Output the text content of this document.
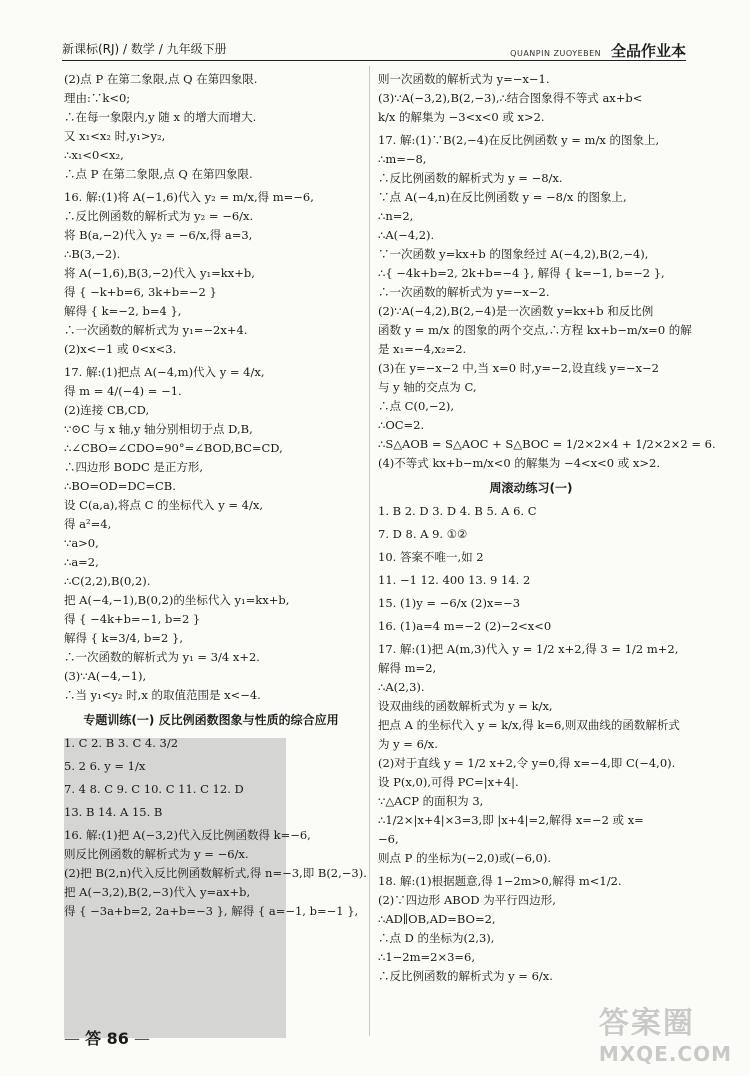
新课标(RJ) / 数学 / 九年级下册	QUANPIN ZUOYEBEN 全品作业本
(2)点 P 在第二象限,点 Q 在第四象限.
理由:∵k<0;
∴在每一象限内,y 随 x 的增大而增大.
又 x₁<x₂ 时,y₁>y₂,
∴x₁<0<x₂,
∴点 P 在第二象限,点 Q 在第四象限.
16. 解:(1)将 A(−1,6)代入 y₂ = m/x,得 m=−6,
∴反比例函数的解析式为 y₂ = −6/x.
将 B(a,−2)代入 y₂ = −6/x,得 a=3,
∴B(3,−2).
将 A(−1,6),B(3,−2)代入 y₁=kx+b,
得 { −k+b=6, 3k+b=−2 }
解得 { k=−2, b=4 },
∴一次函数的解析式为 y₁=−2x+4.
(2)x<−1 或 0<x<3.
17. 解:(1)把点 A(−4,m)代入 y = 4/x,
得 m = 4/(−4) = −1.
(2)连接 CB,CD,
∵⊙C 与 x 轴,y 轴分别相切于点 D,B,
∴∠CBO=∠CDO=90°=∠BOD,BC=CD,
∴四边形 BODC 是正方形,
∴BO=OD=DC=CB.
设 C(a,a),将点 C 的坐标代入 y = 4/x,
得 a²=4,
∵a>0,
∴a=2,
∴C(2,2),B(0,2).
把 A(−4,−1),B(0,2)的坐标代入 y₁=kx+b,
得 { −4k+b=−1, b=2 }
解得 { k=3/4, b=2 },
∴一次函数的解析式为 y₁ = 3/4 x+2.
(3)∵A(−4,−1),
∴当 y₁<y₂ 时,x 的取值范围是 x<−4.
专题训练(一) 反比例函数图象与性质的综合应用
1. C 2. B 3. C 4. 3/2
5. 2 6. y = 1/x
7. 4 8. C 9. C 10. C 11. C 12. D
13. B 14. A 15. B
16. 解:(1)把 A(−3,2)代入反比例函数得 k=−6,
则反比例函数的解析式为 y = −6/x.
(2)把 B(2,n)代入反比例函数解析式,得 n=−3,即 B(2,−3).
把 A(−3,2),B(2,−3)代入 y=ax+b,
得 { −3a+b=2, 2a+b=−3 }, 解得 { a=−1, b=−1 },
则一次函数的解析式为 y=−x−1.
(3)∵A(−3,2),B(2,−3),∴结合图象得不等式 ax+b<
k/x 的解集为 −3<x<0 或 x>2.
17. 解:(1)∵B(2,−4)在反比例函数 y = m/x 的图象上,
∴m=−8,
∴反比例函数的解析式为 y = −8/x.
∵点 A(−4,n)在反比例函数 y = −8/x 的图象上,
∴n=2,
∴A(−4,2).
∵一次函数 y=kx+b 的图象经过 A(−4,2),B(2,−4),
∴{ −4k+b=2, 2k+b=−4 }, 解得 { k=−1, b=−2 },
∴一次函数的解析式为 y=−x−2.
(2)∵A(−4,2),B(2,−4)是一次函数 y=kx+b 和反比例
函数 y = m/x 的图象的两个交点,∴方程 kx+b−m/x=0 的解
是 x₁=−4,x₂=2.
(3)在 y=−x−2 中,当 x=0 时,y=−2,设直线 y=−x−2
与 y 轴的交点为 C,
∴点 C(0,−2),
∴OC=2.
∴S△AOB = S△AOC + S△BOC = 1/2×2×4 + 1/2×2×2 = 6.
(4)不等式 kx+b−m/x<0 的解集为 −4<x<0 或 x>2.
周滚动练习(一)
1. B 2. D 3. D 4. B 5. A 6. C
7. D 8. A 9. ①②
10. 答案不唯一,如 2
11. −1 12. 400 13. 9 14. 2
15. (1)y = −6/x (2)x=−3
16. (1)a=4 m=−2 (2)−2<x<0
17. 解:(1)把 A(m,3)代入 y = 1/2 x+2,得 3 = 1/2 m+2,
解得 m=2,
∴A(2,3).
设双曲线的函数解析式为 y = k/x,
把点 A 的坐标代入 y = k/x,得 k=6,则双曲线的函数解析式
为 y = 6/x.
(2)对于直线 y = 1/2 x+2,令 y=0,得 x=−4,即 C(−4,0).
设 P(x,0),可得 PC=|x+4|.
∵△ACP 的面积为 3,
∴1/2×|x+4|×3=3,即 |x+4|=2,解得 x=−2 或 x=
−6,
则点 P 的坐标为(−2,0)或(−6,0).
18. 解:(1)根据题意,得 1−2m>0,解得 m<1/2.
(2)∵四边形 ABOD 为平行四边形,
∴AD∥OB,AD=BO=2,
∴点 D 的坐标为(2,3),
∴1−2m=2×3=6,
∴反比例函数的解析式为 y = 6/x.
— 答 86 —	答案圈
MXQE.COM
